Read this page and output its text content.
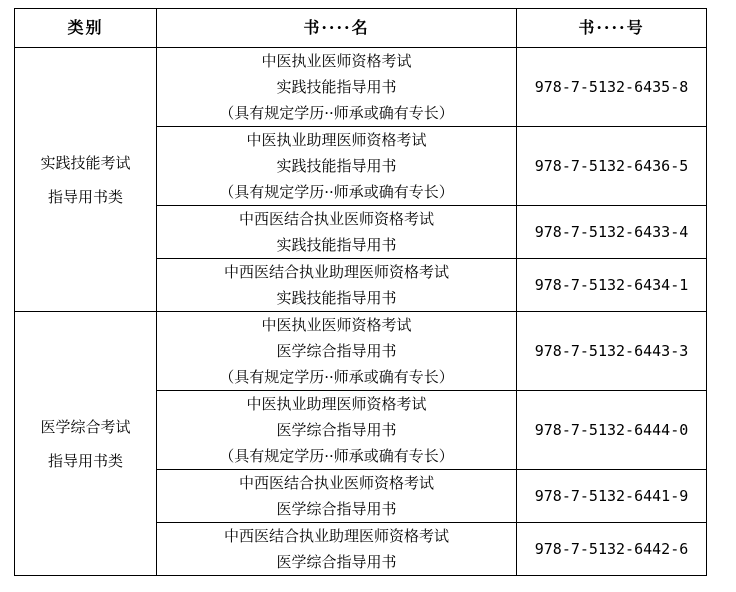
类别	书····名	书····号

实践技能考试
指导用书类	中医执业医师资格考试
实践技能指导用书
（具有规定学历··师承或确有专长）	978-7-5132-6435-8

	中医执业助理医师资格考试
实践技能指导用书
（具有规定学历··师承或确有专长）	978-7-5132-6436-5

	中西医结合执业医师资格考试
实践技能指导用书	978-7-5132-6433-4

	中西医结合执业助理医师资格考试
实践技能指导用书	978-7-5132-6434-1

医学综合考试
指导用书类	中医执业医师资格考试
医学综合指导用书
（具有规定学历··师承或确有专长）	978-7-5132-6443-3

	中医执业助理医师资格考试
医学综合指导用书
（具有规定学历··师承或确有专长）	978-7-5132-6444-0

	中西医结合执业医师资格考试
医学综合指导用书	978-7-5132-6441-9

	中西医结合执业助理医师资格考试
医学综合指导用书	978-7-5132-6442-6
